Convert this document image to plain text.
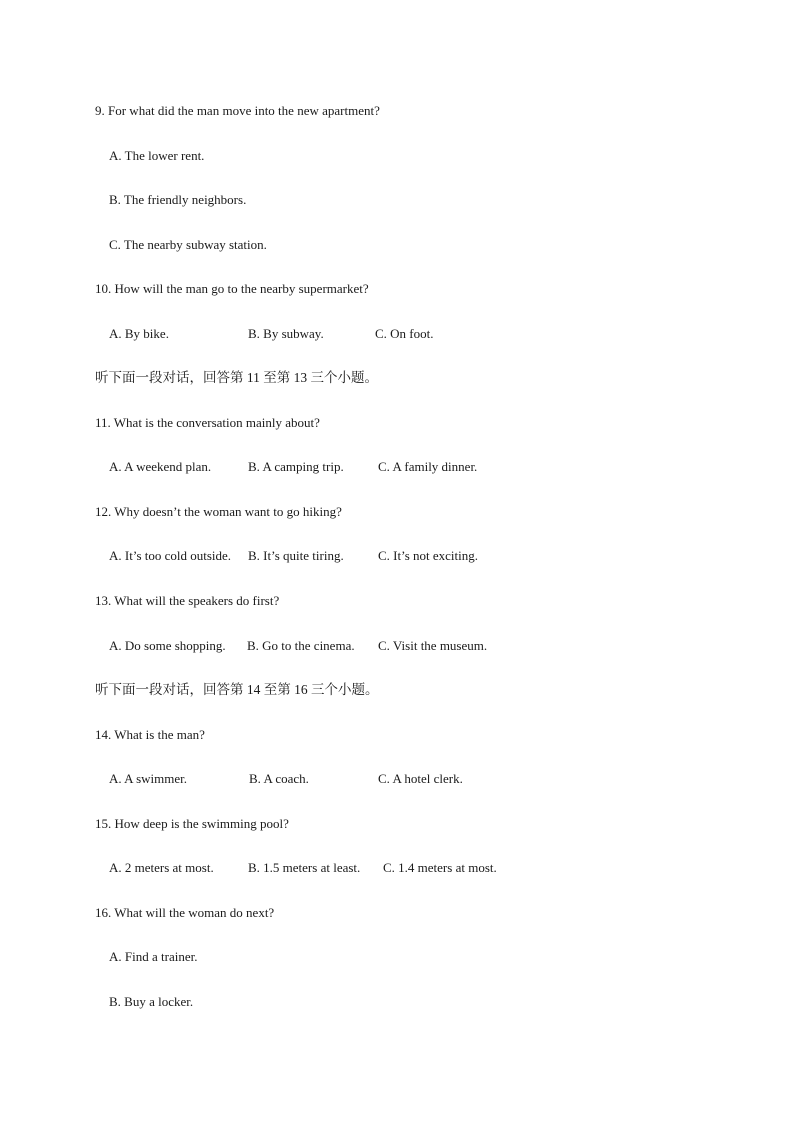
9. For what did the man move into the new apartment?
A. The lower rent.
B. The friendly neighbors.
C. The nearby subway station.
10. How will the man go to the nearby supermarket?

A. By bike.

	B. By subway.

	C. On foot.

听下面一段对话，回答第 11 至第 13 三个小题。
11. What is the conversation mainly about?

A. A weekend plan.

	B. A camping trip.

	C. A family dinner.

12. Why doesn’t the woman want to go hiking?

A. It’s too cold outside.

B. It’s quite tiring.

	C. It’s not exciting.

13. What will the speakers do first?

A. Do some shopping.

B. Go to the cinema.

C. Visit the museum.

听下面一段对话，回答第 14 至第 16 三个小题。
14. What is the man?

A. A swimmer.

	B. A coach.

	C. A hotel clerk.

15. How deep is the swimming pool?

A. 2 meters at most.

	B. 1.5 meters at least.

C. 1.4 meters at most.

16. What will the woman do next?
A. Find a trainer.
B. Buy a locker.
